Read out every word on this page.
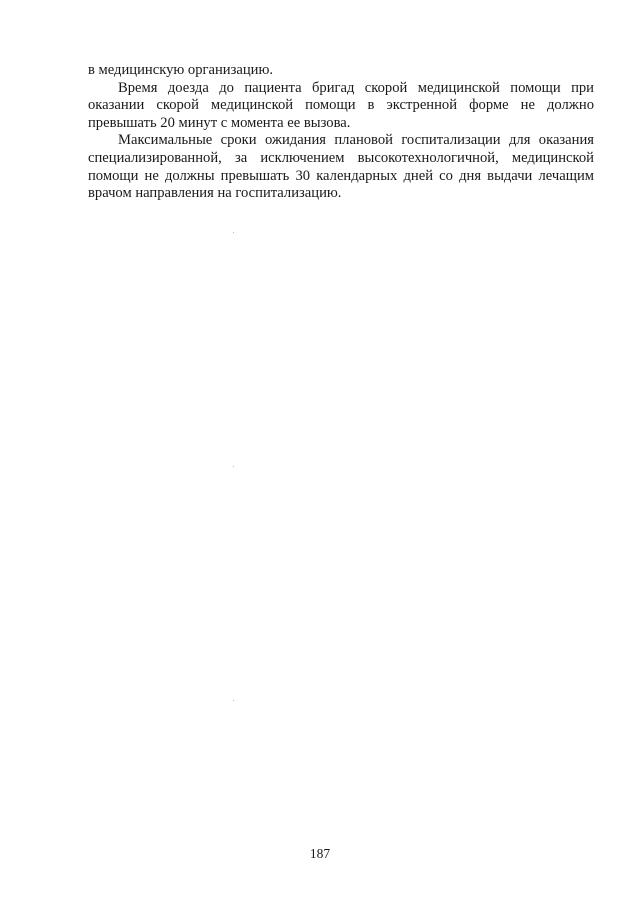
в медицинскую организацию.

Время доезда до пациента бригад скорой медицинской помощи при оказании скорой медицинской помощи в экстренной форме не должно превышать 20 минут с момента ее вызова.

Максимальные сроки ожидания плановой госпитализации для оказания специализированной, за исключением высокотехнологичной, медицинской помощи не должны превышать 30 календарных дней со дня выдачи лечащим врачом направления на госпитализацию.

187
